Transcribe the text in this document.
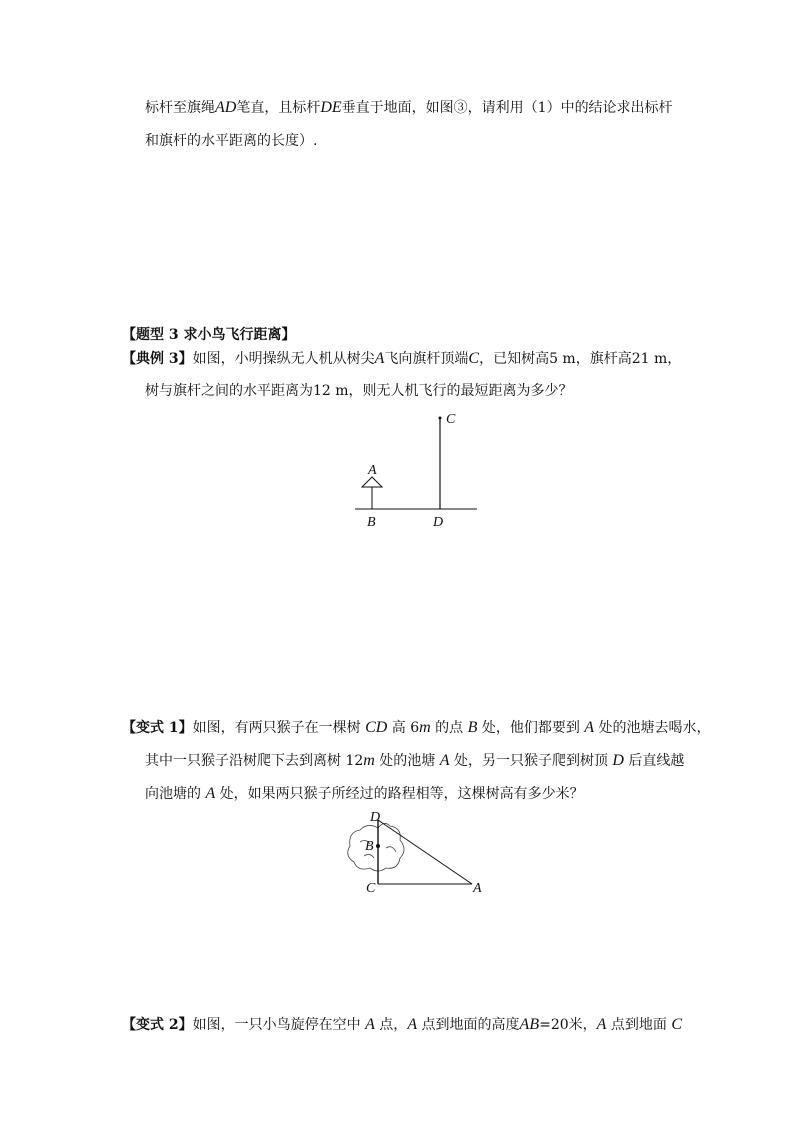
标杆至旗绳AD笔直，且标杆DE垂直于地面，如图③，请利用（1）中的结论求出标杆
和旗杆的水平距离的长度）.
【题型 3 求小鸟飞行距离】
【典例 3】如图，小明操纵无人机从树尖A飞向旗杆顶端C，已知树高5 m，旗杆高21 m，
树与旗杆之间的水平距离为12 m，则无人机飞行的最短距离为多少？
A
B
C
D
【变式 1】如图，有两只猴子在一棵树 CD 高 6m 的点 B 处，他们都要到 A 处的池塘去喝水，
其中一只猴子沿树爬下去到离树 12m 处的池塘 A 处，另一只猴子爬到树顶 D 后直线越
向池塘的 A 处，如果两只猴子所经过的路程相等，这棵树高有多少米？
D
B
C	A
【变式 2】如图，一只小鸟旋停在空中 A 点，A 点到地面的高度AB=20米，A 点到地面 C
